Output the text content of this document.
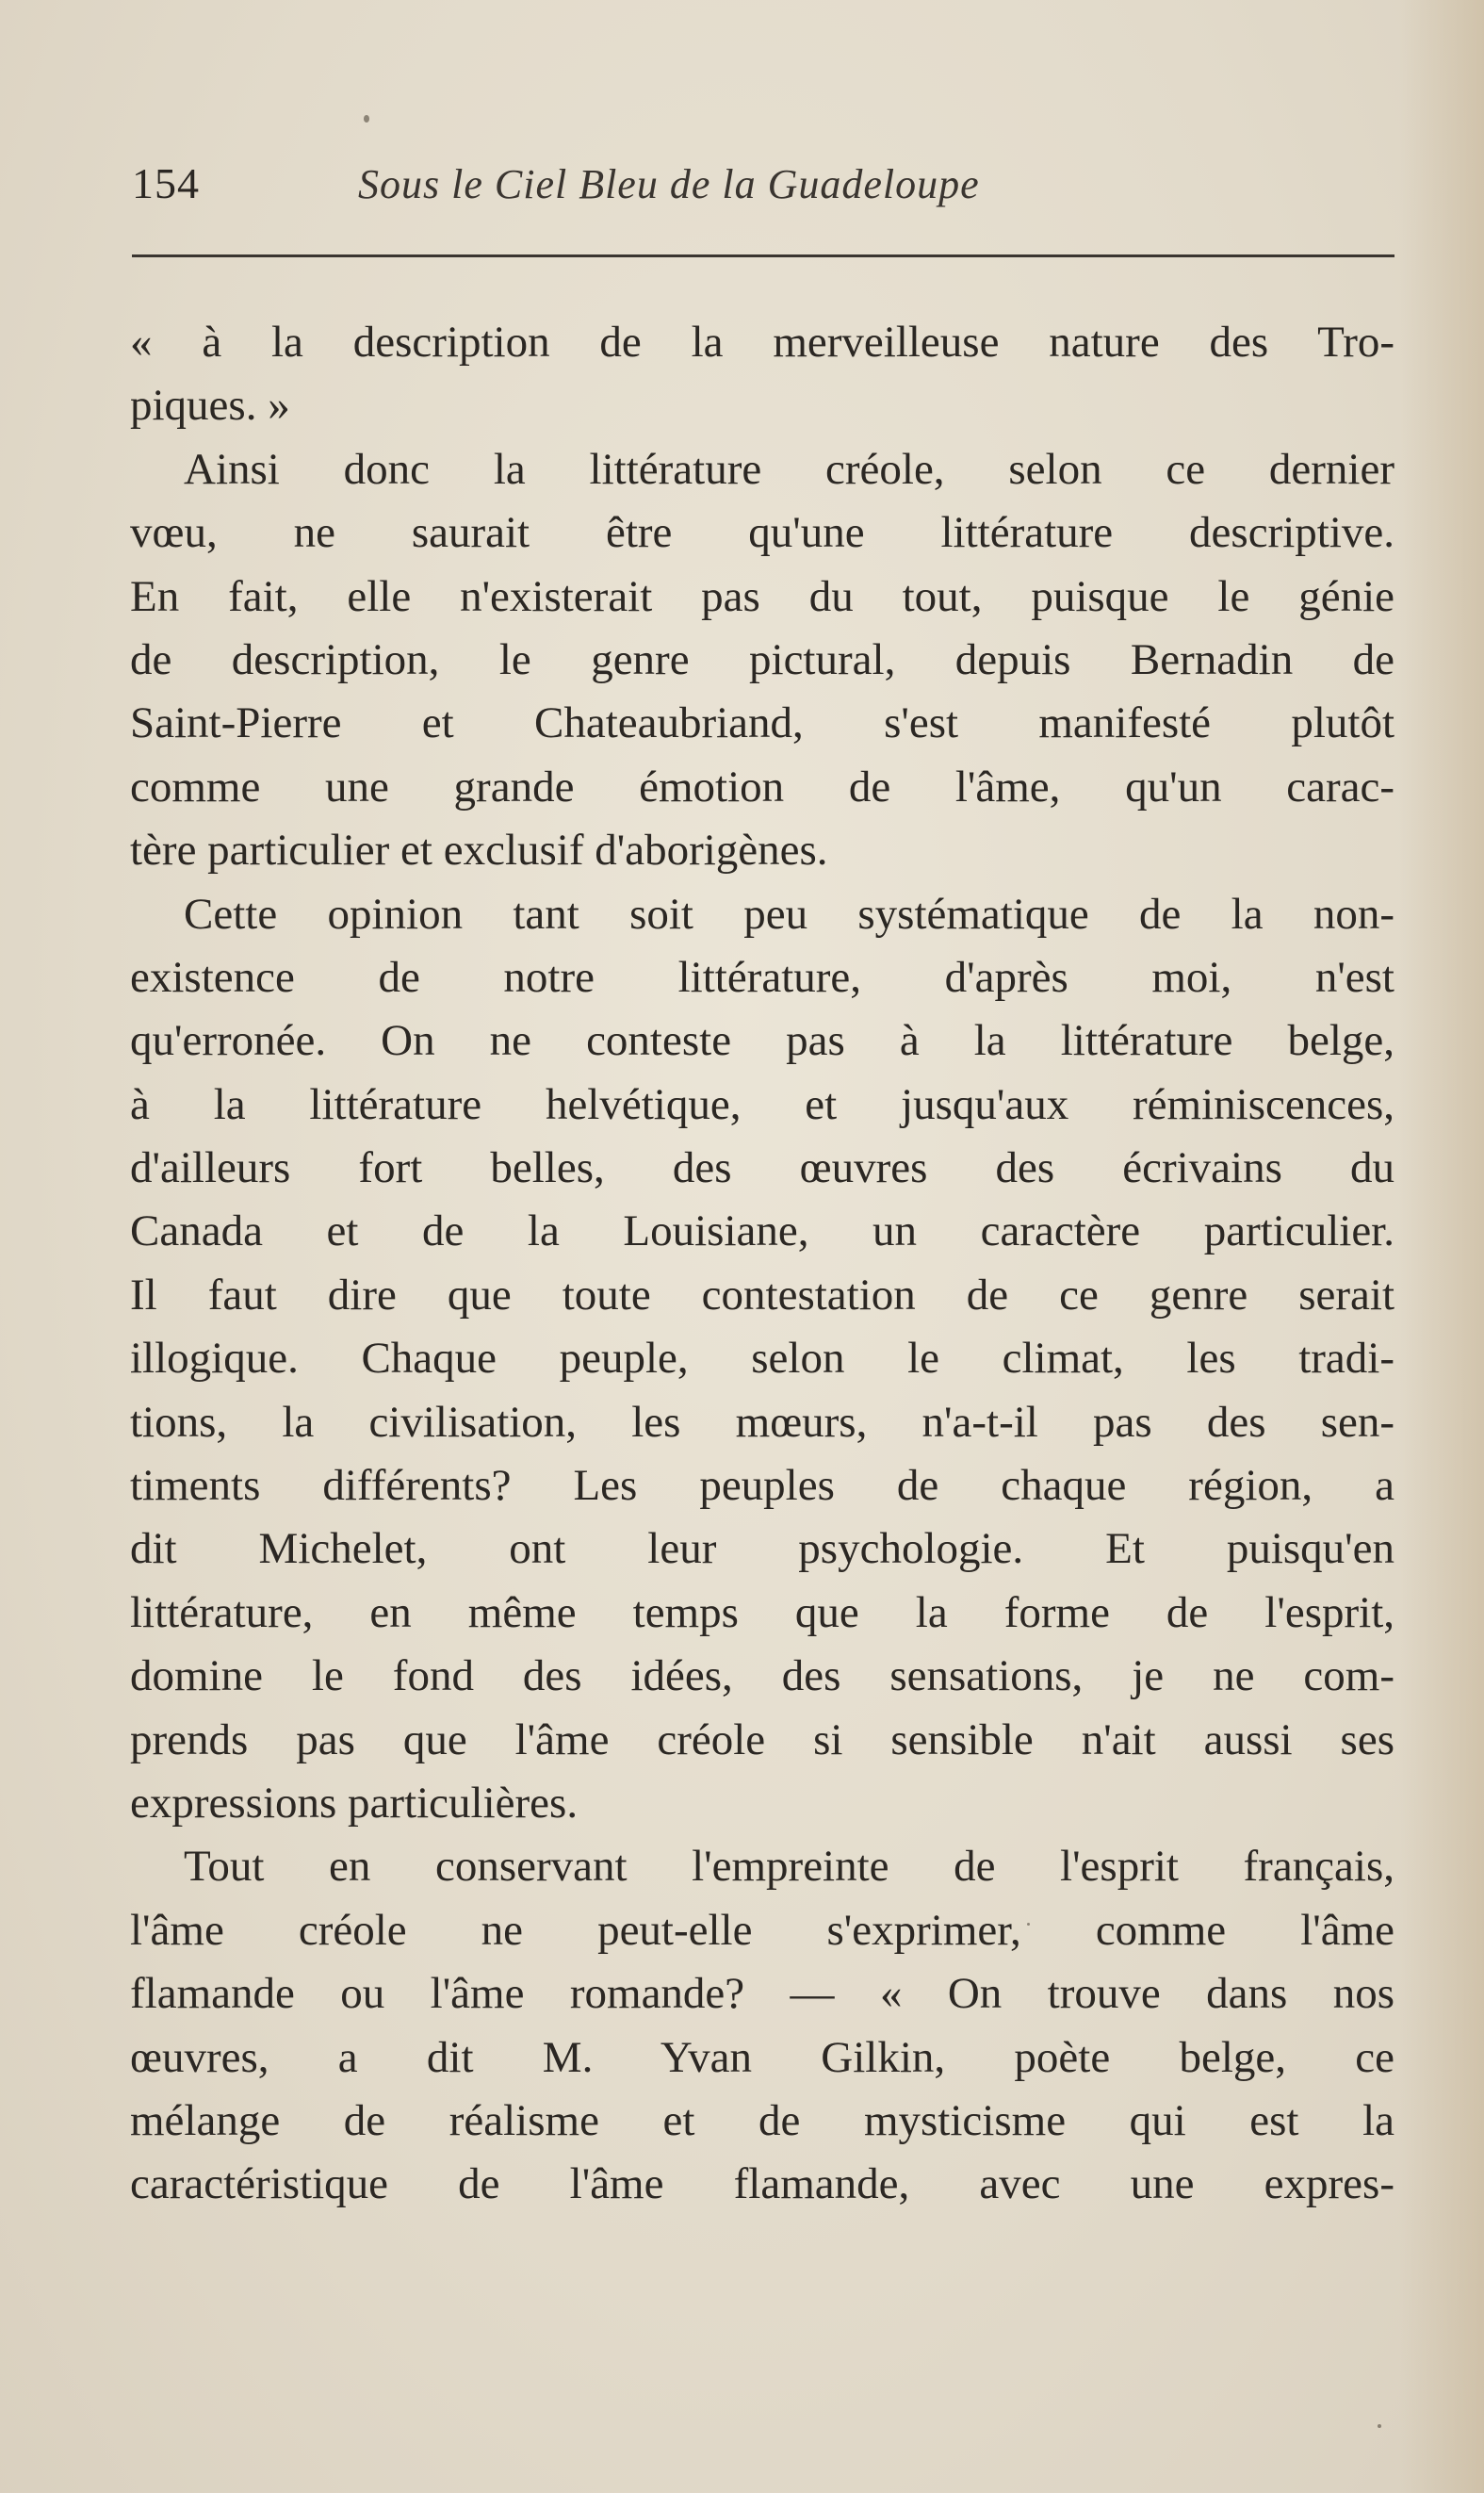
154	Sous le Ciel Bleu de la Guadeloupe
« à la description de la merveilleuse nature des Tro-
piques. »
Ainsi donc la littérature créole, selon ce dernier
vœu, ne saurait être qu'une littérature descriptive.
En fait, elle n'existerait pas du tout, puisque le génie
de description, le genre pictural, depuis Bernadin de
Saint-Pierre et Chateaubriand, s'est manifesté plutôt
comme une grande émotion de l'âme, qu'un carac-
tère particulier et exclusif d'aborigènes.
Cette opinion tant soit peu systématique de la non-
existence de notre littérature, d'après moi, n'est
qu'erronée. On ne conteste pas à la littérature belge,
à la littérature helvétique, et jusqu'aux réminiscences,
d'ailleurs fort belles, des œuvres des écrivains du
Canada et de la Louisiane, un caractère particulier.
Il faut dire que toute contestation de ce genre serait
illogique. Chaque peuple, selon le climat, les tradi-
tions, la civilisation, les mœurs, n'a-t-il pas des sen-
timents différents? Les peuples de chaque région, a
dit Michelet, ont leur psychologie. Et puisqu'en
littérature, en même temps que la forme de l'esprit,
domine le fond des idées, des sensations, je ne com-
prends pas que l'âme créole si sensible n'ait aussi ses
expressions particulières.
Tout en conservant l'empreinte de l'esprit français,
l'âme créole ne peut-elle s'exprimer, comme l'âme
flamande ou l'âme romande? — « On trouve dans nos
œuvres, a dit M. Yvan Gilkin, poète belge, ce
mélange de réalisme et de mysticisme qui est la
caractéristique de l'âme flamande, avec une expres-
